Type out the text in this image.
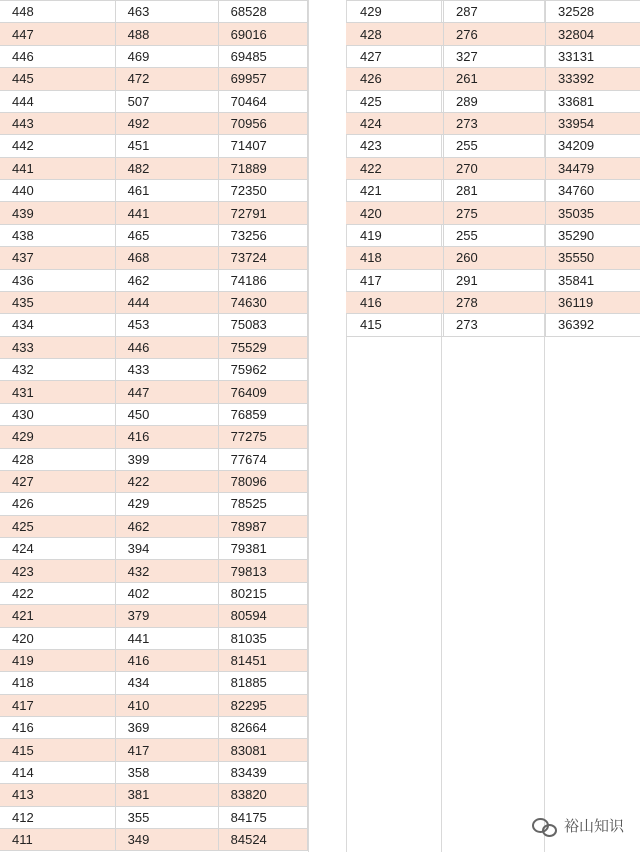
448	463	68528
447	488	69016
446	469	69485
445	472	69957
444	507	70464
443	492	70956
442	451	71407
441	482	71889
440	461	72350
439	441	72791
438	465	73256
437	468	73724
436	462	74186
435	444	74630
434	453	75083
433	446	75529
432	433	75962
431	447	76409
430	450	76859
429	416	77275
428	399	77674
427	422	78096
426	429	78525
425	462	78987
424	394	79381
423	432	79813
422	402	80215
421	379	80594
420	441	81035
419	416	81451
418	434	81885
417	410	82295
416	369	82664
415	417	83081
414	358	83439
413	381	83820
412	355	84175
411	349	84524
429	287	32528
428	276	32804
427	327	33131
426	261	33392
425	289	33681
424	273	33954
423	255	34209
422	270	34479
421	281	34760
420	275	35035
419	255	35290
418	260	35550
417	291	35841
416	278	36119
415	273	36392
裕山知识
